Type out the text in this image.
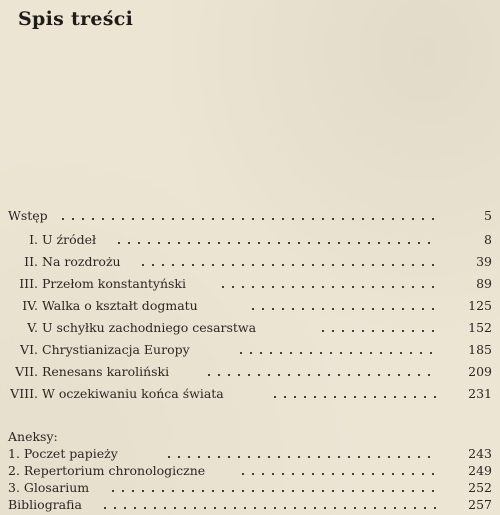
Spis treści
Wstęp	5
I. U źródeł	8
II. Na rozdrożu	39
III. Przełom konstantyński	89
IV. Walka o kształt dogmatu	125
V. U schyłku zachodniego cesarstwa	152
VI. Chrystianizacja Europy	185
VII. Renesans karoliński	209
VIII. W oczekiwaniu końca świata	231
Aneksy:
1. Poczet papieży	243
2. Repertorium chronologiczne	249
3. Glosarium	252
Bibliografia	257
